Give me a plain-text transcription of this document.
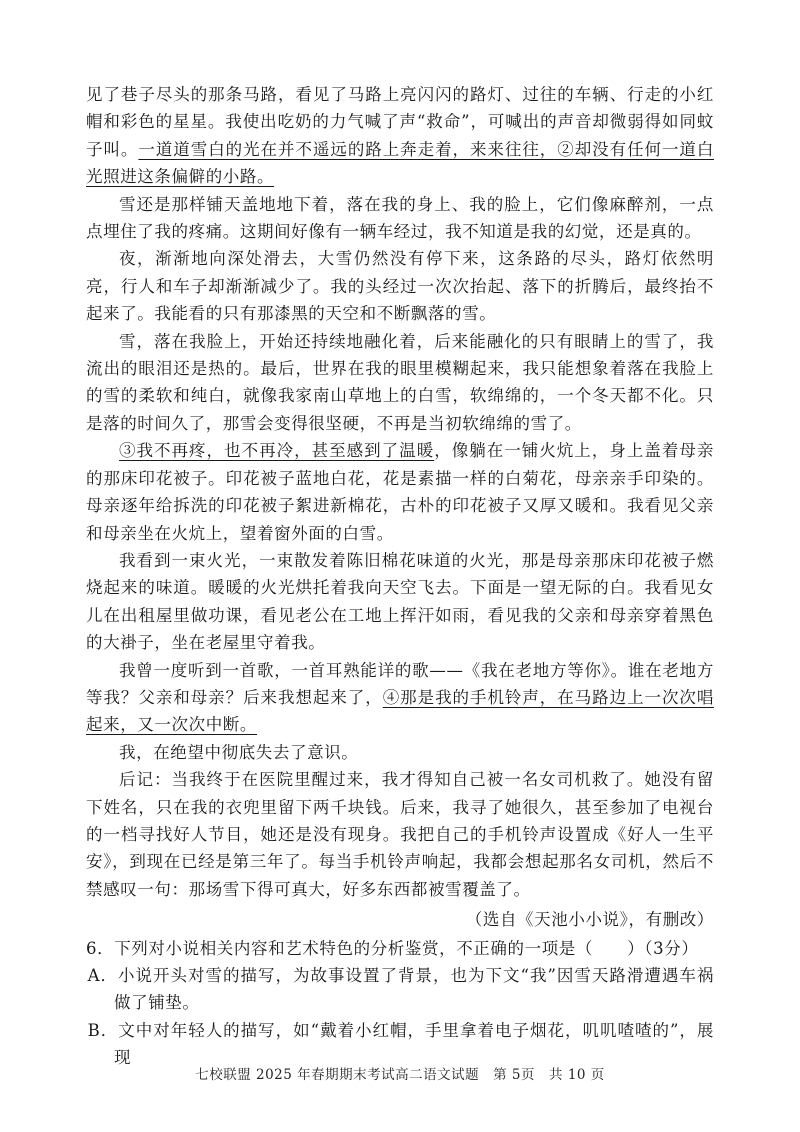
见了巷子尽头的那条马路，看见了马路上亮闪闪的路灯、过往的车辆、行走的小红帽和彩色的星星。我使出吃奶的力气喊了声“救命”，可喊出的声音却微弱得如同蚊子叫。一道道雪白的光在并不遥远的路上奔走着，来来往往，②却没有任何一道白光照进这条偏僻的小路。

雪还是那样铺天盖地地下着，落在我的身上、我的脸上，它们像麻醉剂，一点点埋住了我的疼痛。这期间好像有一辆车经过，我不知道是我的幻觉，还是真的。

夜，渐渐地向深处滑去，大雪仍然没有停下来，这条路的尽头，路灯依然明亮，行人和车子却渐渐减少了。我的头经过一次次抬起、落下的折腾后，最终抬不起来了。我能看的只有那漆黑的天空和不断飘落的雪。

雪，落在我脸上，开始还持续地融化着，后来能融化的只有眼睛上的雪了，我流出的眼泪还是热的。最后，世界在我的眼里模糊起来，我只能想象着落在我脸上的雪的柔软和纯白，就像我家南山草地上的白雪，软绵绵的，一个冬天都不化。只是落的时间久了，那雪会变得很坚硬，不再是当初软绵绵的雪了。

③我不再疼，也不再冷，甚至感到了温暖，像躺在一铺火炕上，身上盖着母亲的那床印花被子。印花被子蓝地白花，花是素描一样的白菊花，母亲亲手印染的。母亲逐年给拆洗的印花被子絮进新棉花，古朴的印花被子又厚又暖和。我看见父亲和母亲坐在火炕上，望着窗外面的白雪。

我看到一束火光，一束散发着陈旧棉花味道的火光，那是母亲那床印花被子燃烧起来的味道。暖暖的火光烘托着我向天空飞去。下面是一望无际的白。我看见女儿在出租屋里做功课，看见老公在工地上挥汗如雨，看见我的父亲和母亲穿着黑色的大褂子，坐在老屋里守着我。

我曾一度听到一首歌，一首耳熟能详的歌——《我在老地方等你》。谁在老地方等我？父亲和母亲？后来我想起来了，④那是我的手机铃声，在马路边上一次次唱起来，又一次次中断。

我，在绝望中彻底失去了意识。

后记：当我终于在医院里醒过来，我才得知自己被一名女司机救了。她没有留下姓名，只在我的衣兜里留下两千块钱。后来，我寻了她很久，甚至参加了电视台的一档寻找好人节目，她还是没有现身。我把自己的手机铃声设置成《好人一生平安》，到现在已经是第三年了。每当手机铃声响起，我都会想起那名女司机，然后不禁感叹一句：那场雪下得可真大，好多东西都被雪覆盖了。

（选自《天池小小说》，有删改）

6．下列对小说相关内容和艺术特色的分析鉴赏，不正确的一项是（　　）（3分）

A．小说开头对雪的描写，为故事设置了背景，也为下文“我”因雪天路滑遭遇车祸做了铺垫。

B．文中对年轻人的描写，如“戴着小红帽，手里拿着电子烟花，叽叽喳喳的”，展现

七校联盟 2025 年春期期末考试高二语文试题　第 5页　共 10 页
